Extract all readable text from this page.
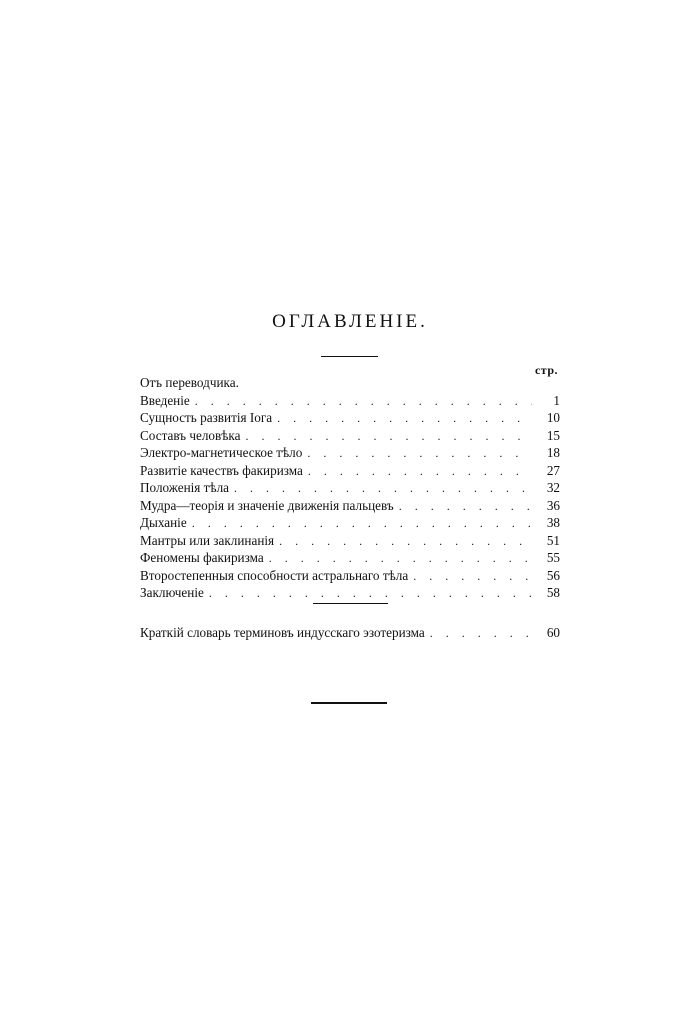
ОГЛАВЛЕНІЕ.
стр.
Отъ переводчика.
Введеніе . . .	1
Сущность развитія Іога . . .	10
Составъ человѣка . . .	15
Электро-магнетическое тѣло . . .	18
Развитіе качествъ факиризма . . .	27
Положенія тѣла . . .	32
Мудра—теорія и значеніе движенія пальцевъ . . .	36
Дыханіе . . .	38
Мантры или заклинанія . . .	51
Феномены факиризма . . .	55
Второстепенныя способности астральнаго тѣла . . .	56
Заключеніе . . .	58
Краткій словарь терминовъ индусскаго эзотеризма . . .	60
